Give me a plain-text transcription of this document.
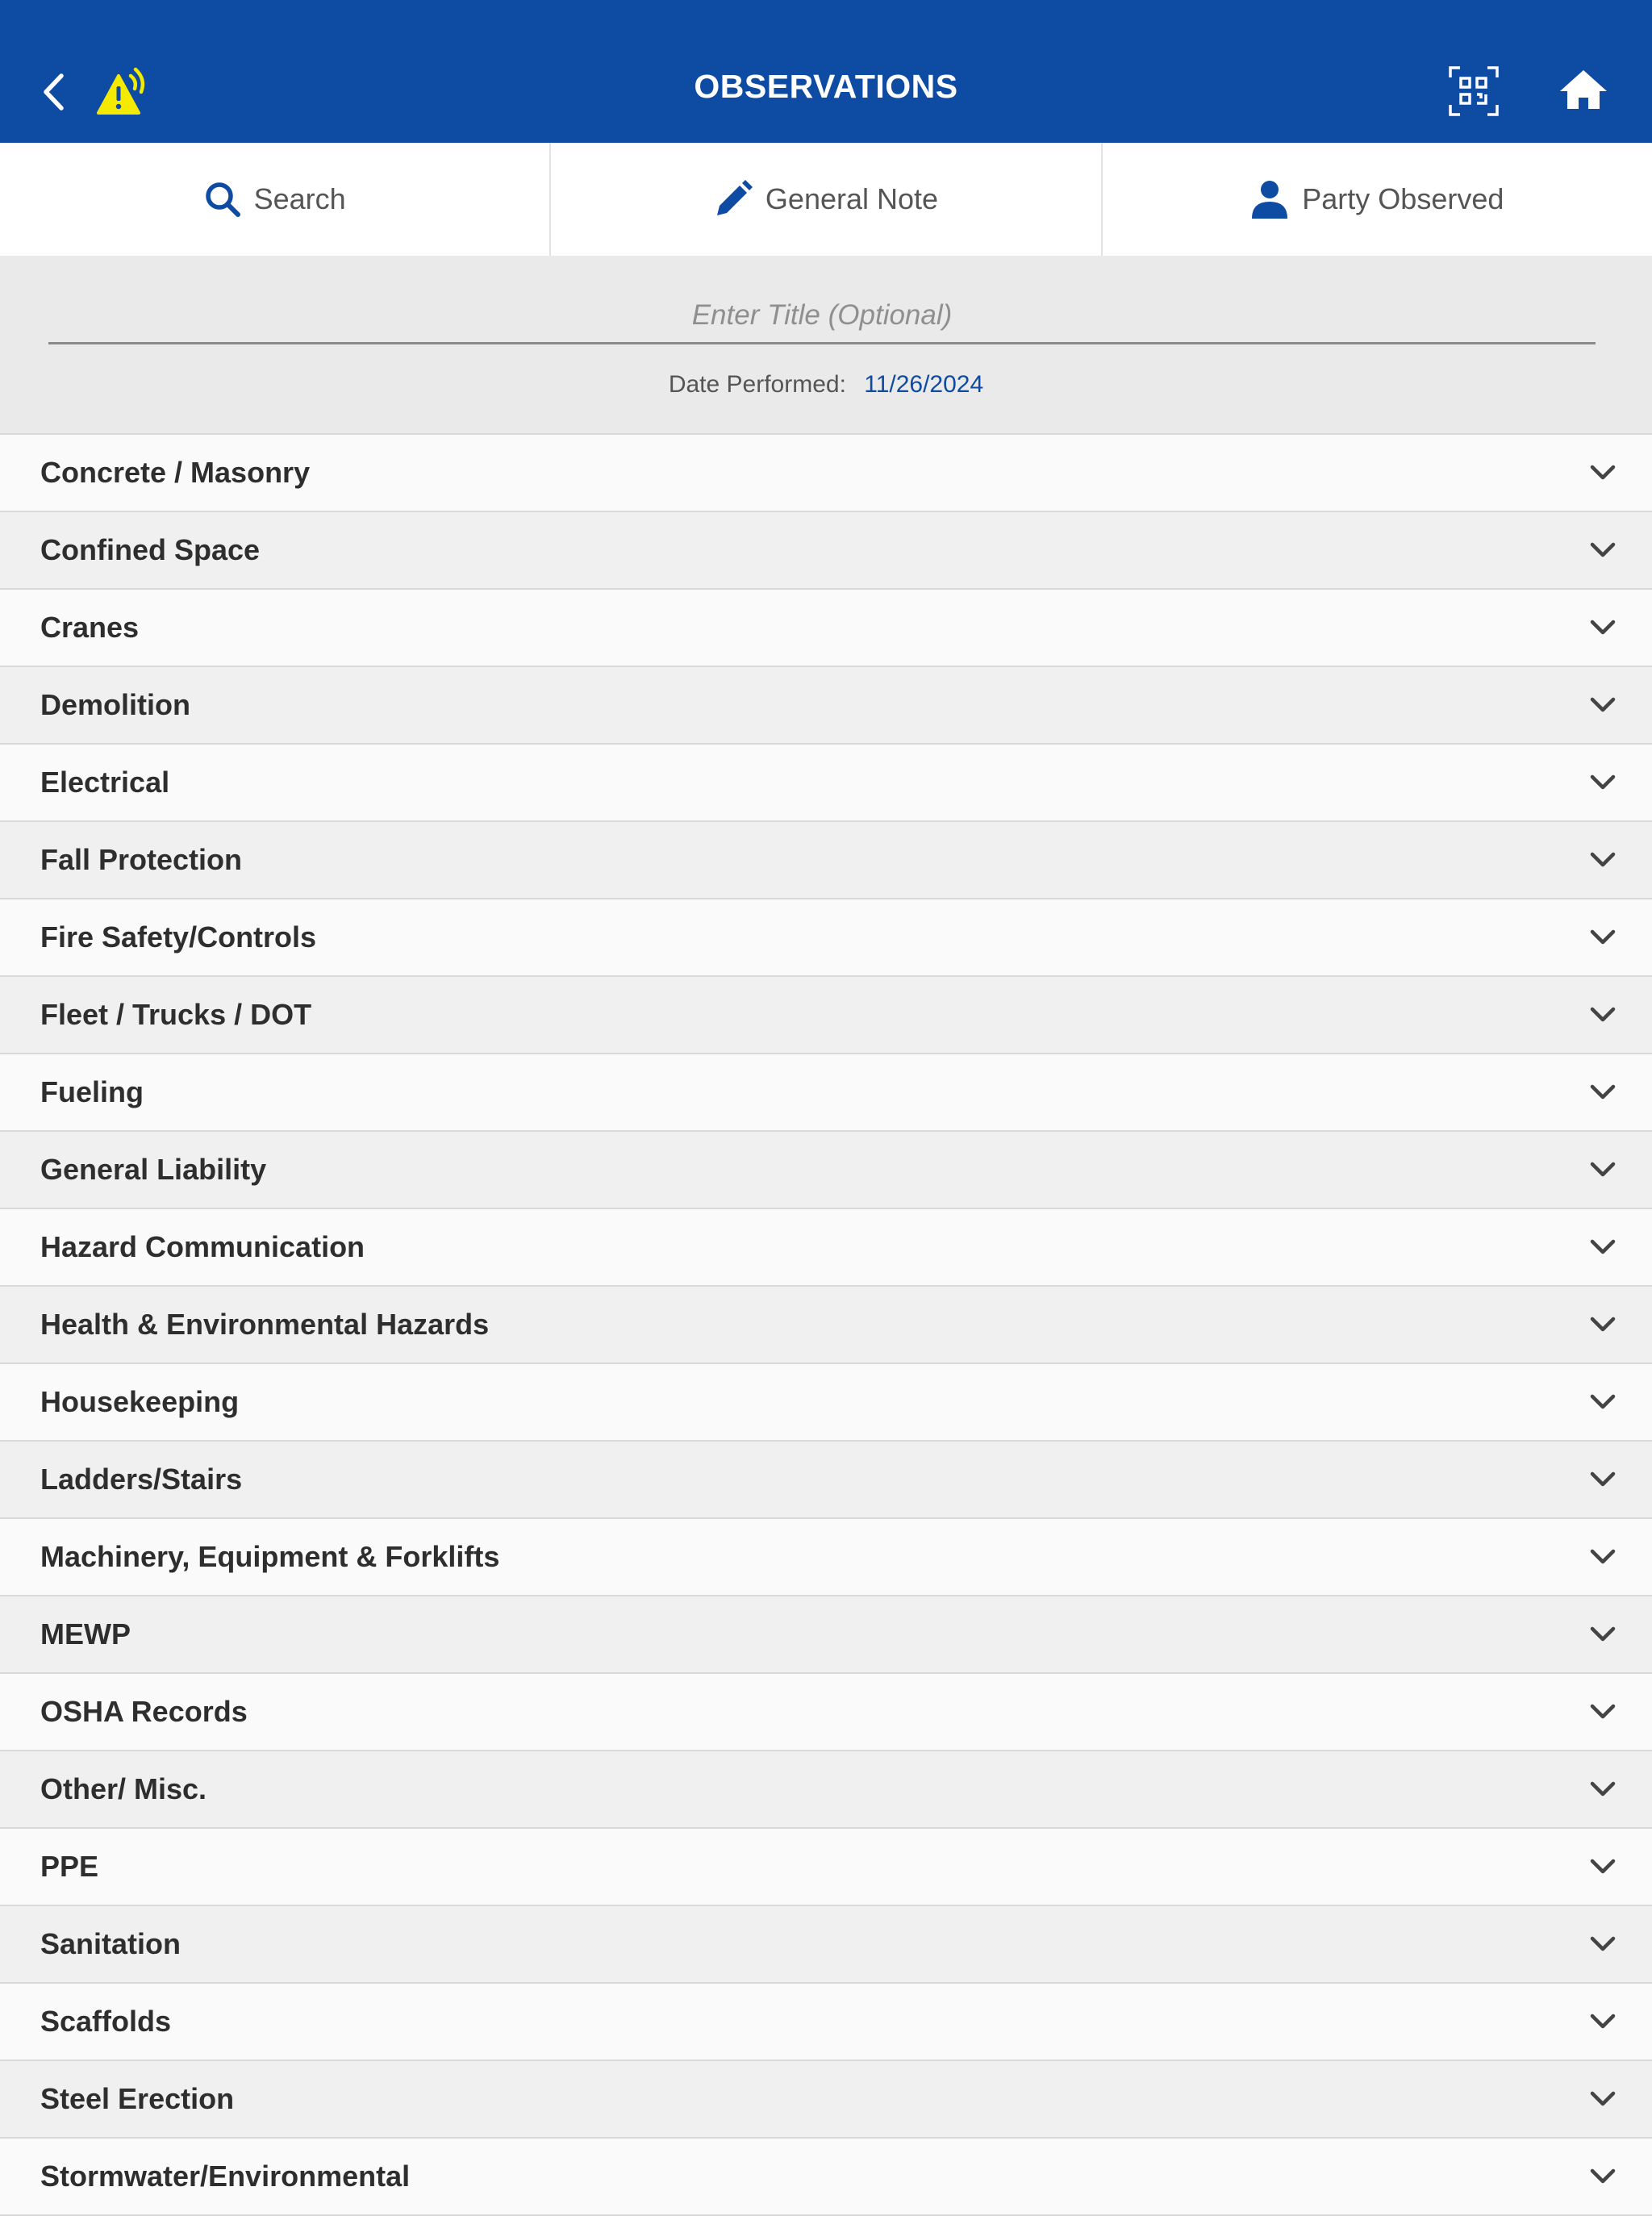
OBSERVATIONS
Search	General Note	Party Observed
Enter Title (Optional)
Date Performed: 11/26/2024
Concrete / Masonry
Confined Space
Cranes
Demolition
Electrical
Fall Protection
Fire Safety/Controls
Fleet / Trucks / DOT
Fueling
General Liability
Hazard Communication
Health & Environmental Hazards
Housekeeping
Ladders/Stairs
Machinery, Equipment & Forklifts
MEWP
OSHA Records
Other/ Misc.
PPE
Sanitation
Scaffolds
Steel Erection
Stormwater/Environmental
